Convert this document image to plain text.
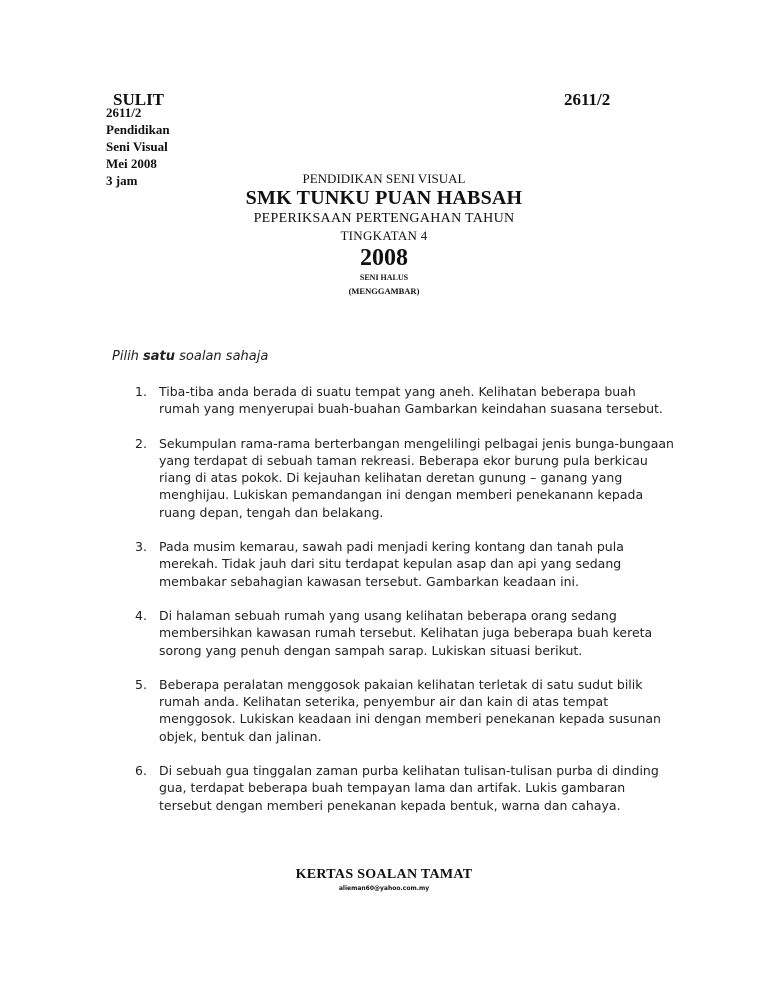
SULIT	2611/2
2611/2
Pendidikan
Seni Visual
Mei 2008
3 jam	PENDIDIKAN SENI VISUAL
SMK TUNKU PUAN HABSAH
PEPERIKSAAN PERTENGAHAN TAHUN
TINGKATAN 4
2008
SENI HALUS
(MENGGAMBAR)
Pilih satu soalan sahaja
1. Tiba-tiba anda berada di suatu tempat yang aneh. Kelihatan beberapa buah rumah yang menyerupai buah-buahan Gambarkan keindahan suasana tersebut.
2. Sekumpulan rama-rama berterbangan mengelilingi pelbagai jenis bunga-bungaan yang terdapat di sebuah taman rekreasi. Beberapa ekor burung pula berkicau riang di atas pokok. Di kejauhan kelihatan deretan gunung – ganang yang menghijau. Lukiskan pemandangan ini dengan memberi penekanann kepada ruang depan, tengah dan belakang.
3. Pada musim kemarau, sawah padi menjadi kering kontang dan tanah pula merekah. Tidak jauh dari situ terdapat kepulan asap dan api yang sedang membakar sebahagian kawasan tersebut. Gambarkan keadaan ini.
4. Di halaman sebuah rumah yang usang kelihatan beberapa orang sedang membersihkan kawasan rumah tersebut. Kelihatan juga beberapa buah kereta sorong yang penuh dengan sampah sarap. Lukiskan situasi berikut.
5. Beberapa peralatan menggosok pakaian kelihatan terletak di satu sudut bilik rumah anda. Kelihatan seterika, penyembur air dan kain di atas tempat menggosok. Lukiskan keadaan ini dengan memberi penekanan kepada susunan objek, bentuk dan jalinan.
6. Di sebuah gua tinggalan zaman purba kelihatan tulisan-tulisan purba di dinding gua, terdapat beberapa buah tempayan lama dan artifak. Lukis gambaran tersebut dengan memberi penekanan kepada bentuk, warna dan cahaya.
KERTAS SOALAN TAMAT
alieman60@yahoo.com.my
